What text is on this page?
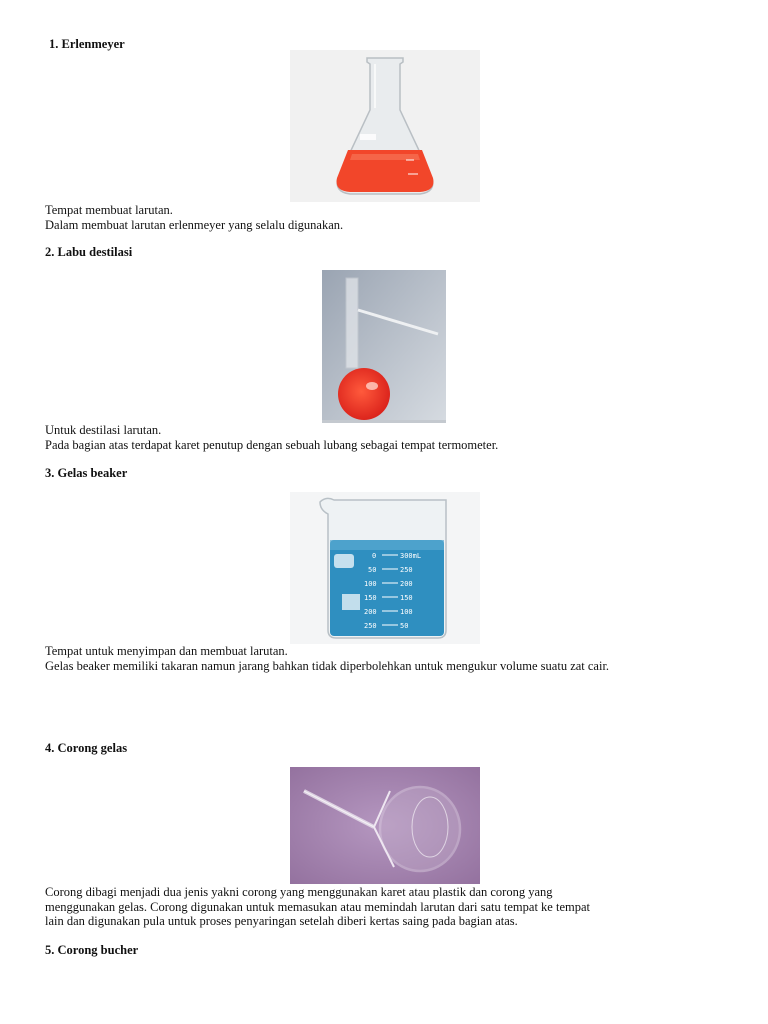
1. Erlenmeyer
Tempat membuat larutan.
Dalam membuat larutan erlenmeyer yang selalu digunakan.
2. Labu destilasi
Untuk destilasi larutan.
Pada bagian atas terdapat karet penutup dengan sebuah lubang sebagai tempat termometer.
3. Gelas beaker
0
50
100
150
200
250
300mL
250
200
150
100
50
Tempat untuk menyimpan dan membuat larutan.
Gelas beaker memiliki takaran namun jarang bahkan tidak diperbolehkan untuk mengukur volume suatu zat cair.
4. Corong gelas
Corong dibagi menjadi dua jenis yakni corong yang menggunakan karet atau plastik dan corong yang
menggunakan gelas. Corong digunakan untuk memasukan atau memindah larutan dari satu tempat ke tempat
lain dan digunakan pula untuk proses penyaringan setelah diberi kertas saing pada bagian atas.
5. Corong bucher
